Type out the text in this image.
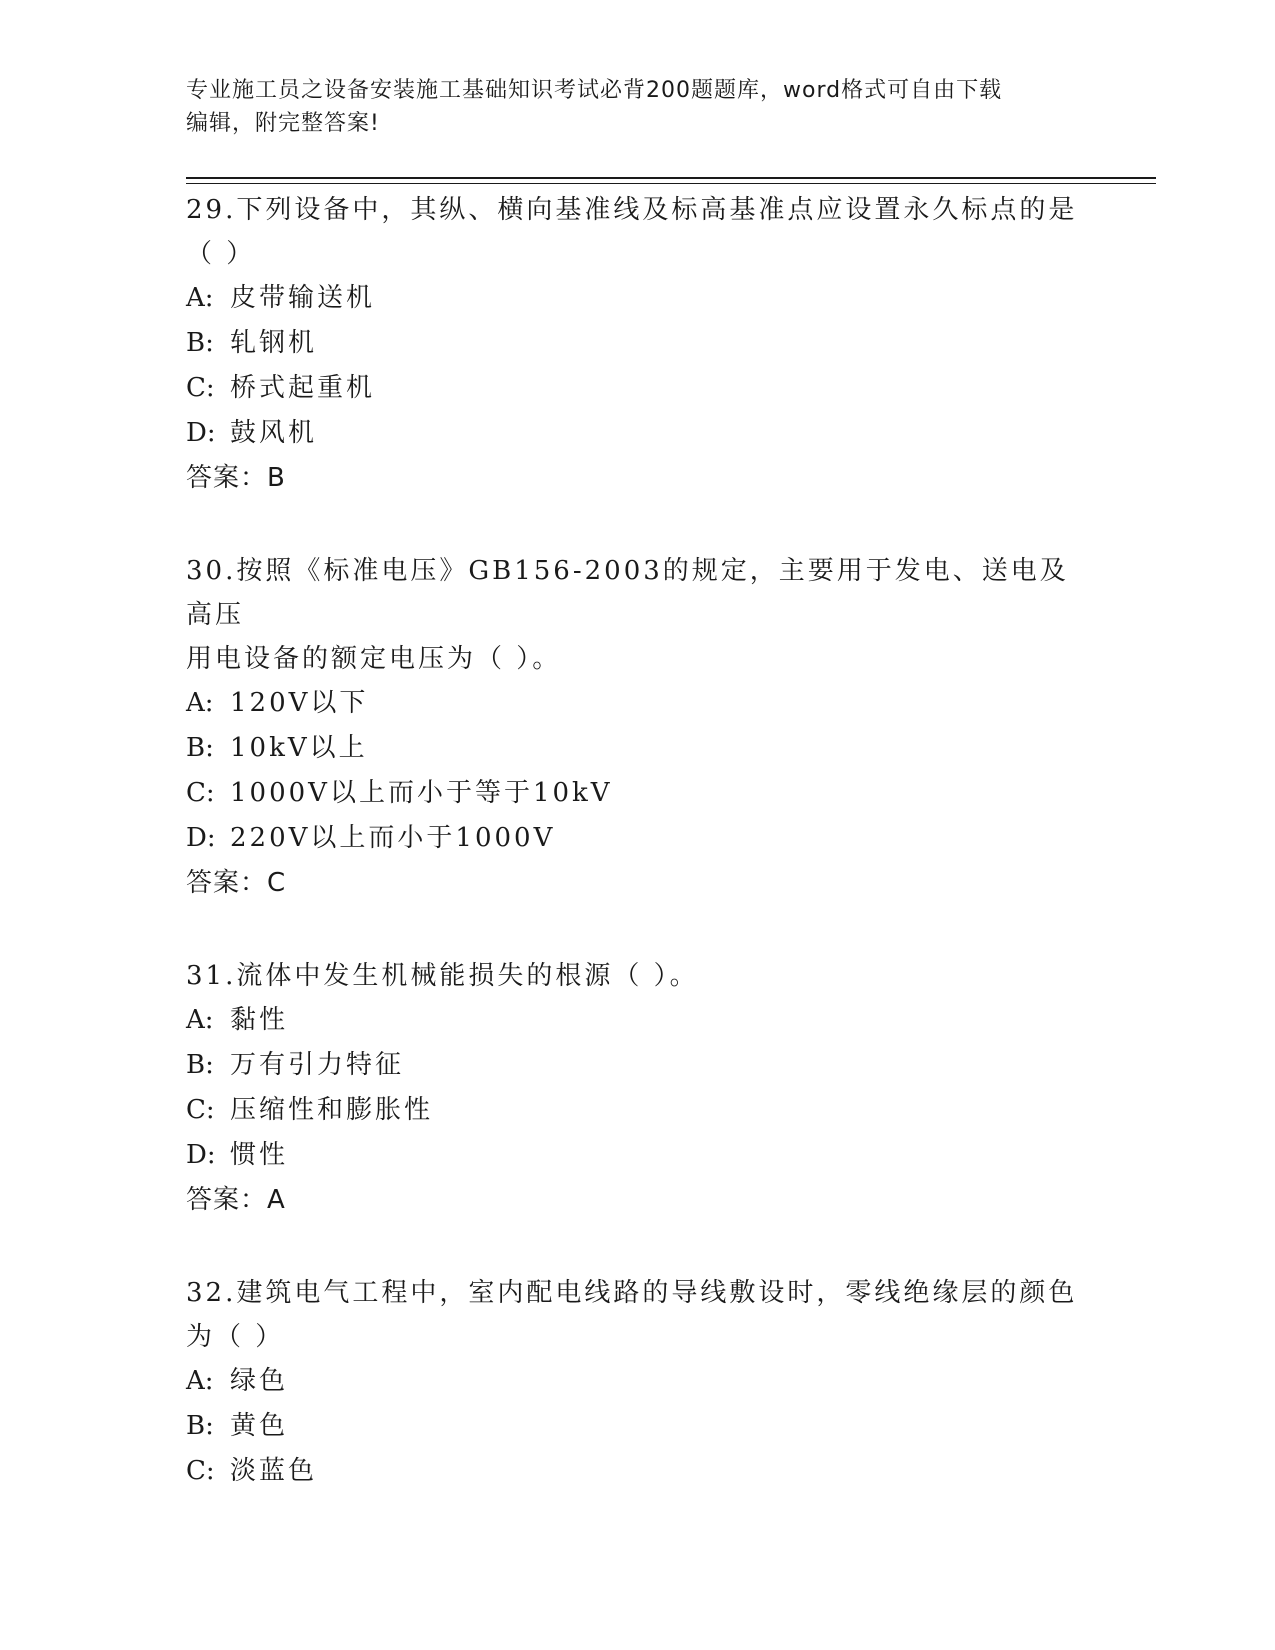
专业施工员之设备安装施工基础知识考试必背200题题库，word格式可自由下载
编辑，附完整答案!

29.下列设备中，其纵、横向基准线及标高基准点应设置永久标点的是

（ ）

A: 皮带输送机

B: 轧钢机

C: 桥式起重机

D: 鼓风机

答案：B

30.按照《标准电压》GB156-2003的规定，主要用于发电、送电及高压

用电设备的额定电压为（ ）。

A: 120V以下

B: 10kV以上

C: 1000V以上而小于等于10kV

D: 220V以上而小于1000V

答案：C

31.流体中发生机械能损失的根源（ ）。

A: 黏性

B: 万有引力特征

C: 压缩性和膨胀性

D: 惯性

答案：A

32.建筑电气工程中，室内配电线路的导线敷设时，零线绝缘层的颜色

为（ ）

A: 绿色

B: 黄色

C: 淡蓝色
